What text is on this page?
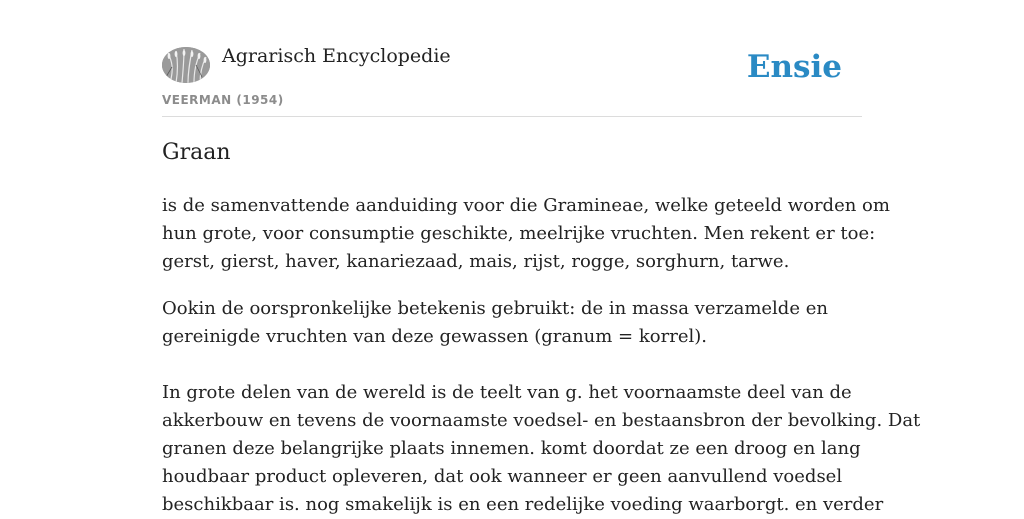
Agrarisch Encyclopedie
VEERMAN (1954)
Ensie
Graan

is de samenvattende aanduiding voor die Gramineae, welke geteeld worden om
hun grote, voor consumptie geschikte, meelrijke vruchten. Men rekent er toe:
gerst, gierst, haver, kanariezaad, mais, rijst, rogge, sorghurn, tarwe.

Ookin de oorspronkelijke betekenis gebruikt: de in massa verzamelde en
gereinigde vruchten van deze gewassen (granum = korrel).

In grote delen van de wereld is de teelt van g. het voornaamste deel van de
akkerbouw en tevens de voornaamste voedsel- en bestaansbron der bevolking. Dat
granen deze belangrijke plaats innemen. komt doordat ze een droog en lang
houdbaar product opleveren, dat ook wanneer er geen aanvullend voedsel
beschikbaar is. nog smakelijk is en een redelijke voeding waarborgt. en verder
